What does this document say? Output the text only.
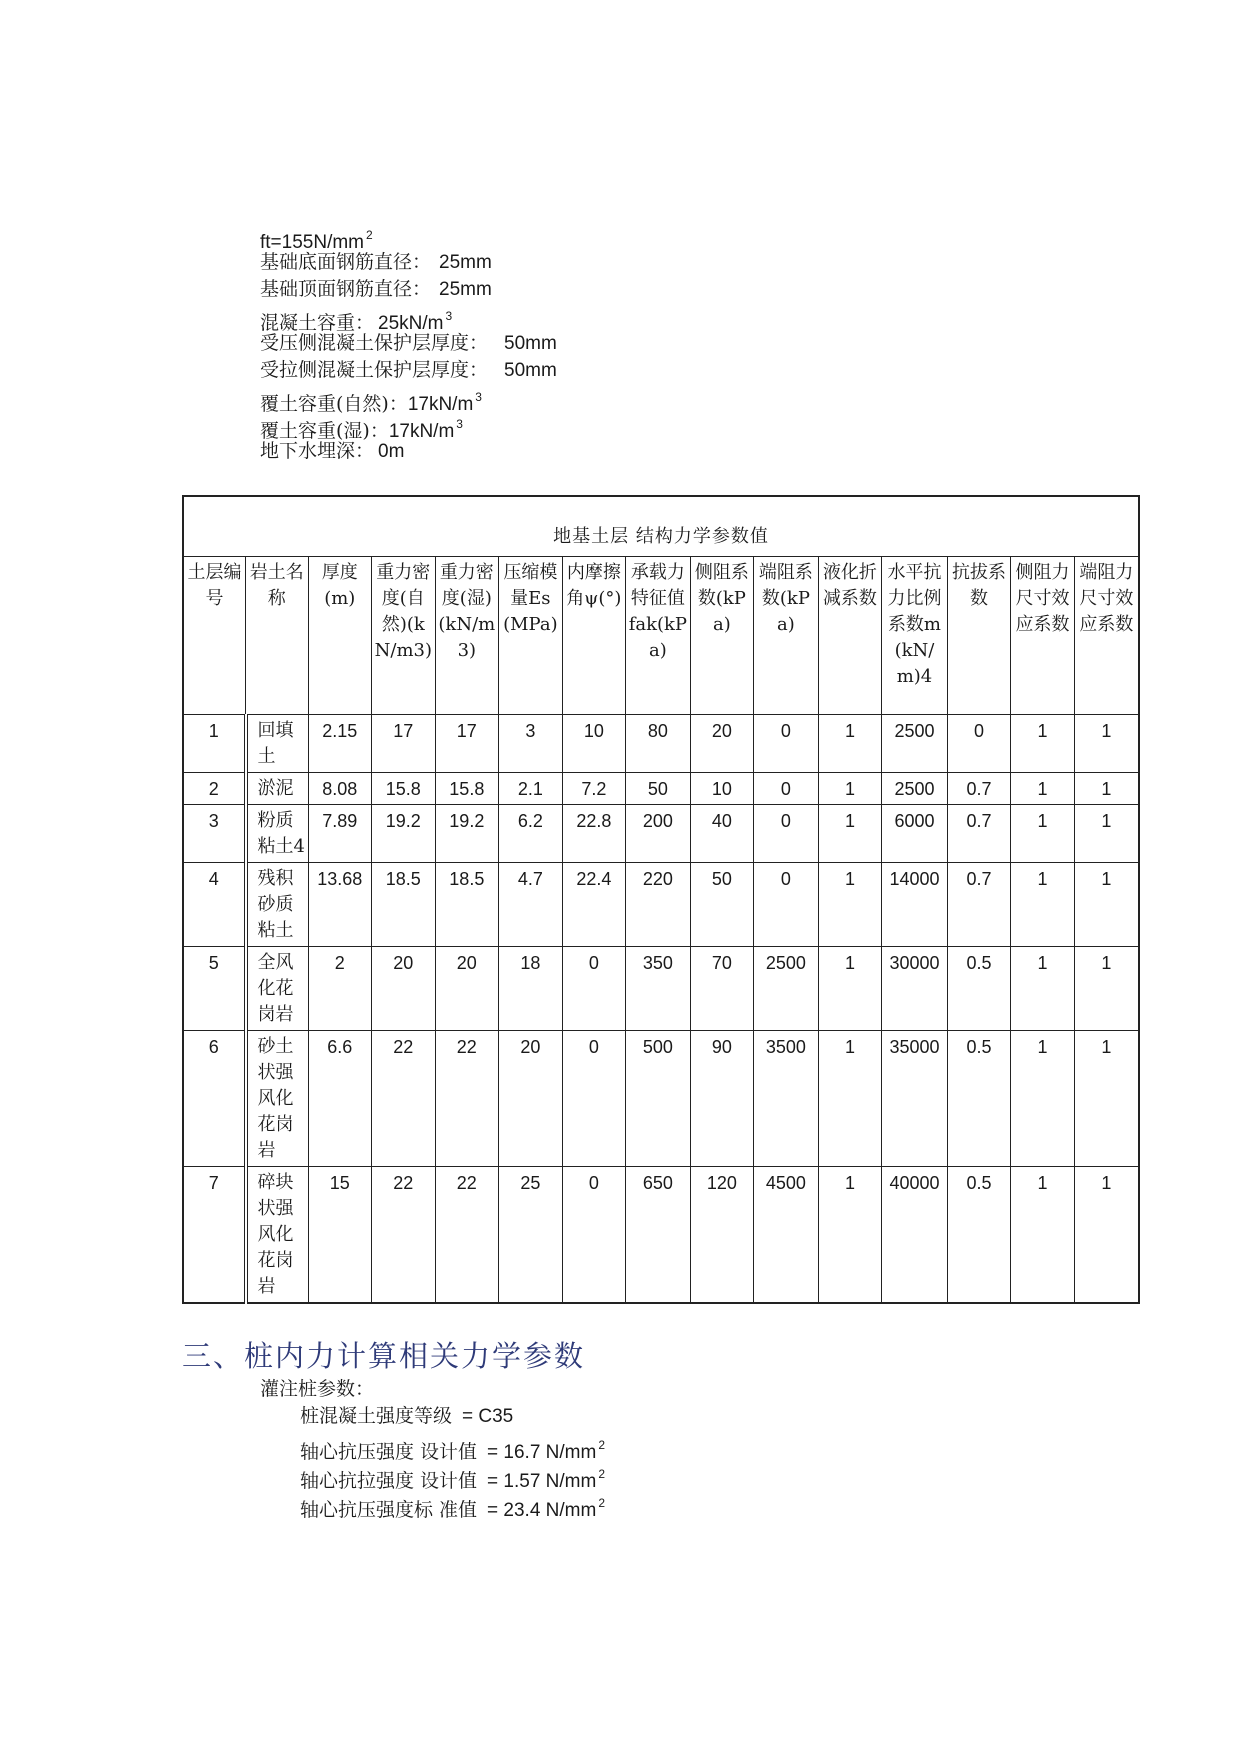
ft=155N/mm $^2$
基础底面钢筋直径： 25mm
基础顶面钢筋直径： 25mm
混凝土容重： 25kN/m $^3$
受压侧混凝土保护层厚度： 50mm
受拉侧混凝土保护层厚度： 50mm
覆土容重(自然)：17kN/m $^3$
覆土容重(湿)：17kN/m $^3$
地下水埋深： 0m
地基土层 结构力学参数值														
土层编号	岩土名称	厚度(m)	重力密度(自然)(kN/m3)	重力密度(湿)(kN/m3)	压缩模量Es(MPa)	内摩擦角ψ(°)	承载力特征值fak(kPa)	侧阻系数(kPa)	端阻系数(kPa)	液化折减系数	水平抗力比例系数m(kN/m)4	抗拔系数	侧阻力尺寸效应系数	端阻力尺寸效应系数
1	回填土	2.15	17	17	3	10	80	20	0	1	2500	0	1	1
2	淤泥	8.08	15.8	15.8	2.1	7.2	50	10	0	1	2500	0.7	1	1
3	粉质粘土4	7.89	19.2	19.2	6.2	22.8	200	40	0	1	6000	0.7	1	1
4	残积砂质粘土	13.68	18.5	18.5	4.7	22.4	220	50	0	1	14000	0.7	1	1
5	全风化花岗岩	2	20	20	18	0	350	70	2500	1	30000	0.5	1	1
6	砂土状强风化花岗岩	6.6	22	22	20	0	500	90	3500	1	35000	0.5	1	1
7	碎块状强风化花岗岩	15	22	22	25	0	650	120	4500	1	40000	0.5	1	1
三、桩内力计算相关力学参数
灌注桩参数：
桩混凝土强度等级 = C35
轴心抗压强度 设计值 = 16.7 N/mm $^2$
轴心抗拉强度 设计值 = 1.57 N/mm $^2$
轴心抗压强度标 准值 = 23.4 N/mm $^2$
